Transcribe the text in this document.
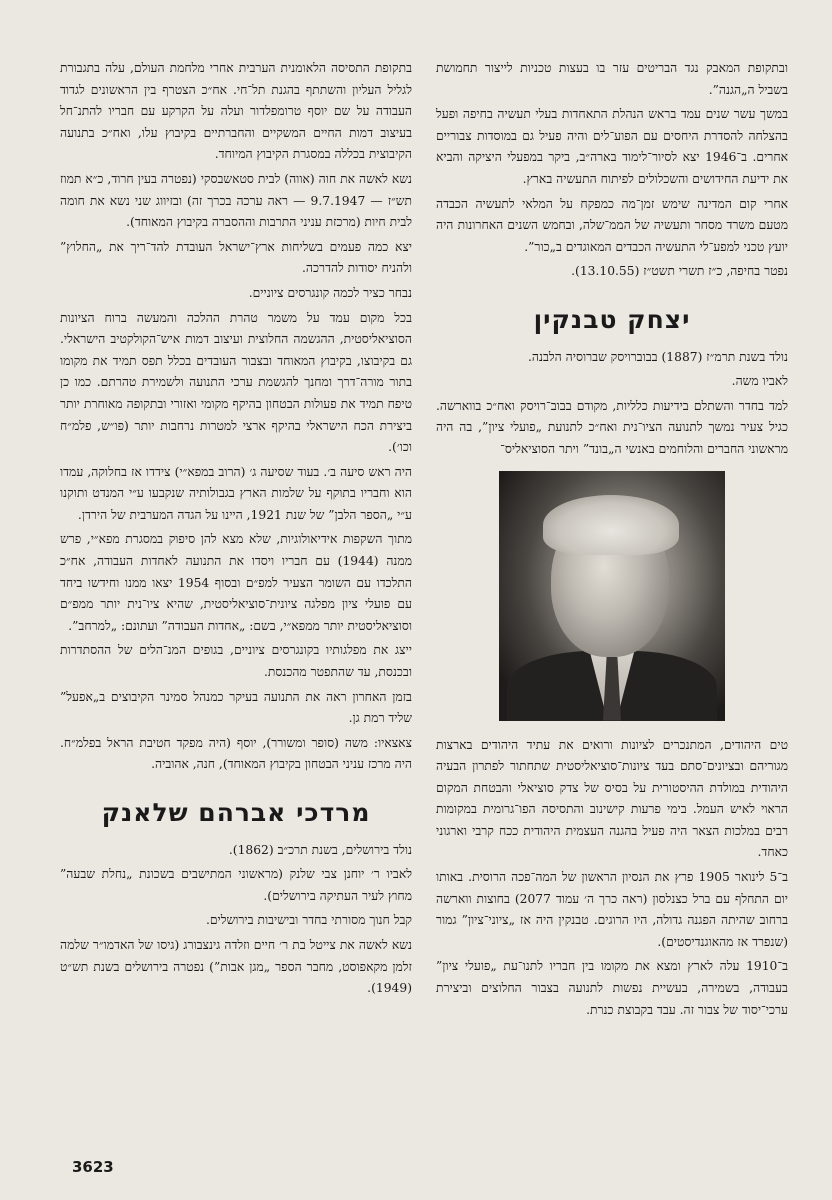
ובתקופת המאבק נגד הבריטים עזר בו בעצות טכניות לייצור תחמושת בשביל ה„הגנה”.

במשך עשר שנים עמד בראש הנהלת התאחדות בעלי תעשיה בחיפה ופעל בהצלחה להסדרת היחסים עם הפוע־לים והיה פעיל גם במוסדות צבוריים אחרים. ב־1946 יצא לסיור־לימוד בארה״ב, ביקר במפעלי היציקה והביא את ידיעת החידושים והשכלולים לפיתוח התעשיה בארץ.

אחרי קום המדינה שימש זמן־מה כמפקח על המלאי לתעשיה הכבדה מטעם משרד מסחר ותעשיה של הממ־שלה, ובחמש השנים האחרונות היה יועץ טכני למפע־לי התעשיה הכבדים המאוגדים ב„כור”.

נפטר בחיפה, כ״ז תשרי תשט״ז (13.10.55).

יצחק טבנקין

נולד בשנת תרמ״ז (1887) בבוברויסק שברוסיה הלבנה.

לאביו משה.

למד בחדר והשתלם בידיעות כלליות, מקודם בבוב־רויסק ואח״כ בווארשה. כגיל צעיר נמשך לתנועה הציו־נית ואח״כ לתנועת „פועלי ציון”, בה היה מראשוני החברים והלוחמים באנשי ה„בונד” ויתר הסוציאליס־

טים היהודים, המתנכרים לציונות ורואים את עתיד היהודים בארצות מגוריהם ובציונים־סתם בעד ציונות־סוציאליסטית שתחתור לפתרון הבעיה היהודית במולדת ההיסטורית על בסיס של צדק סוציאלי והבטחת המקום הראוי לאיש העמל. בימי פרעות קישינוב והתסיסה הפו־גרומית במקומות רבים במלכות הצאר היה פעיל בהגנה העצמית היהודית ככח קרבי וארגוני כאחד.

ב־5 לינואר 1905 פרץ את הנסיון הראשון של המה־פכה הרוסית. באותו יום התחלף עם ברל כצנלסון (ראה כרך ה׳ עמוד 2077) בחוצות ווארשה ברחוב שהיתה הפגנה גדולה, היו הרוגים. טבנקין היה אז „ציוני־ציון” גמור (שנפרד אז מהאוגנדיסטים).

ב־1910 עלה לארץ ומצא את מקומו בין חבריו לתנו־עת „פועלי ציון” בעבודה, בשמירה, בעשיית נפשות לתנועה בצבור החלוצים וביצירת ערכי־יסוד של צבור זה. עבד בקבוצת כנרת.

בתקופת התסיסה הלאומנית הערבית אחרי מלחמת העולם, עלה בתגבורת לגליל העליון והשתתף בהגנת תל־חי. אח״כ הצטרף בין הראשונים לגדוד העבודה על שם יוסף טרומפלדור ועלה על הקרקע עם חבריו להתנ־חל בעיצוב דמות החיים המשקיים והחברתיים בקיבוץ עלו, ואח״כ בתנועה הקיבוצית בכללה במסגרת הקיבוץ המיוחד.

נשא לאשה את חוה (אווה) לבית סטאשבסקי (נפטרה בעין חרוד, כ״א תמוז תש״ז — 9.7.1947 — ראה ערכה בכרך זה) ובזיווג שני נשא את חומה לבית חיות (מרכזת עניני התרבות וההסברה בקיבוץ המאוחד).

יצא כמה פעמים בשליחות ארץ־ישראל העובדת להד־ריך את „החלוץ” ולהניח יסודות להדרכה.

נבחר כציר לכמה קונגרסים ציוניים.

בכל מקום עמד על משמר טהרת ההלכה והמעשה ברוח הציונות הסוציאליסטית, ההגשמה החלוצית ועיצוב דמות איש־הקולקטיב הישראלי. גם בקיבוצו, בקיבוץ המאוחד ובצבור העובדים בכלל תפס תמיד את מקומו בתור מורה־דרך ומחנך להגשמת ערכי התנועה ולשמירת טהרתם. כמו כן טיפח תמיד את פעולות הבטחון בהיקף מקומי ואזורי ובתקופה מאוחרת יותר ביצירת הכח הישראלי בהיקף ארצי למטרות נרחבות יותר (פו״ש, פלמ״ח וכו׳).

היה ראש סיעה ב׳. בעוד שסיעה ג׳ (הרוב במפא״י) צידדו אז בחלוקה, עמדו הוא וחבריו בתוקף על שלמות הארץ בגבולותיה שנקבעו ע״י המנדט ותוקנו ע״י „הספר הלבן” של שנת 1921, היינו על הגדה המערבית של הירדן.

מתוך השקפות אידיאולוגיות, שלא מצא להן סיפוק במסגרת מפא״י, פרש ממנה (1944) עם חבריו ויסדו את התנועה לאחדות העבודה, אח״כ התלכדו עם השומר הצעיר למפ״ם ובסוף 1954 יצאו ממנו וחידשו ביחד עם פועלי ציון מפלגה ציונית־סוציאליסטית, שהיא ציו־נית יותר ממפ״ם וסוציאליסטית יותר ממפא״י, בשם: „אחדות העבודה” ועתונם: „למרחב”.

ייצג את מפלגותיו בקונגרסים ציוניים, בגופים המנ־הלים של ההסתדרות ובכנסת, עד שהתפטר מהכנסת.

בזמן האחרון ראה את התנועה בעיקר כמנהל סמינר הקיבוצים ב„אפעל” שליד רמת גן.

צאצאיו: משה (סופר ומשורר), יוסף (היה מפקד חטיבת הראל בפלמ״ח. היה מרכז עניני הבטחון בקיבוץ המאוחד), חנה, אהוביה.

מרדכי אברהם שלאנק

נולד בירושלים, בשנת תרכ״ב (1862).

לאביו ר׳ יוחנן צבי שלנק (מראשוני המתישבים בשכונת „נחלת שבעה” מחוץ לעיר העתיקה בירושלים).

קבל חנוך מסורתי בחדר ובישיבות בירושלים.

נשא לאשה את צייטל בת ר׳ חיים וזלדה גינצבורג (גיסו של האדמו״ר שלמה זלמן מקאפוסט, מחבר הספר „מגן אבות”) נפטרה בירושלים בשנת תש״ט (1949).

3623
